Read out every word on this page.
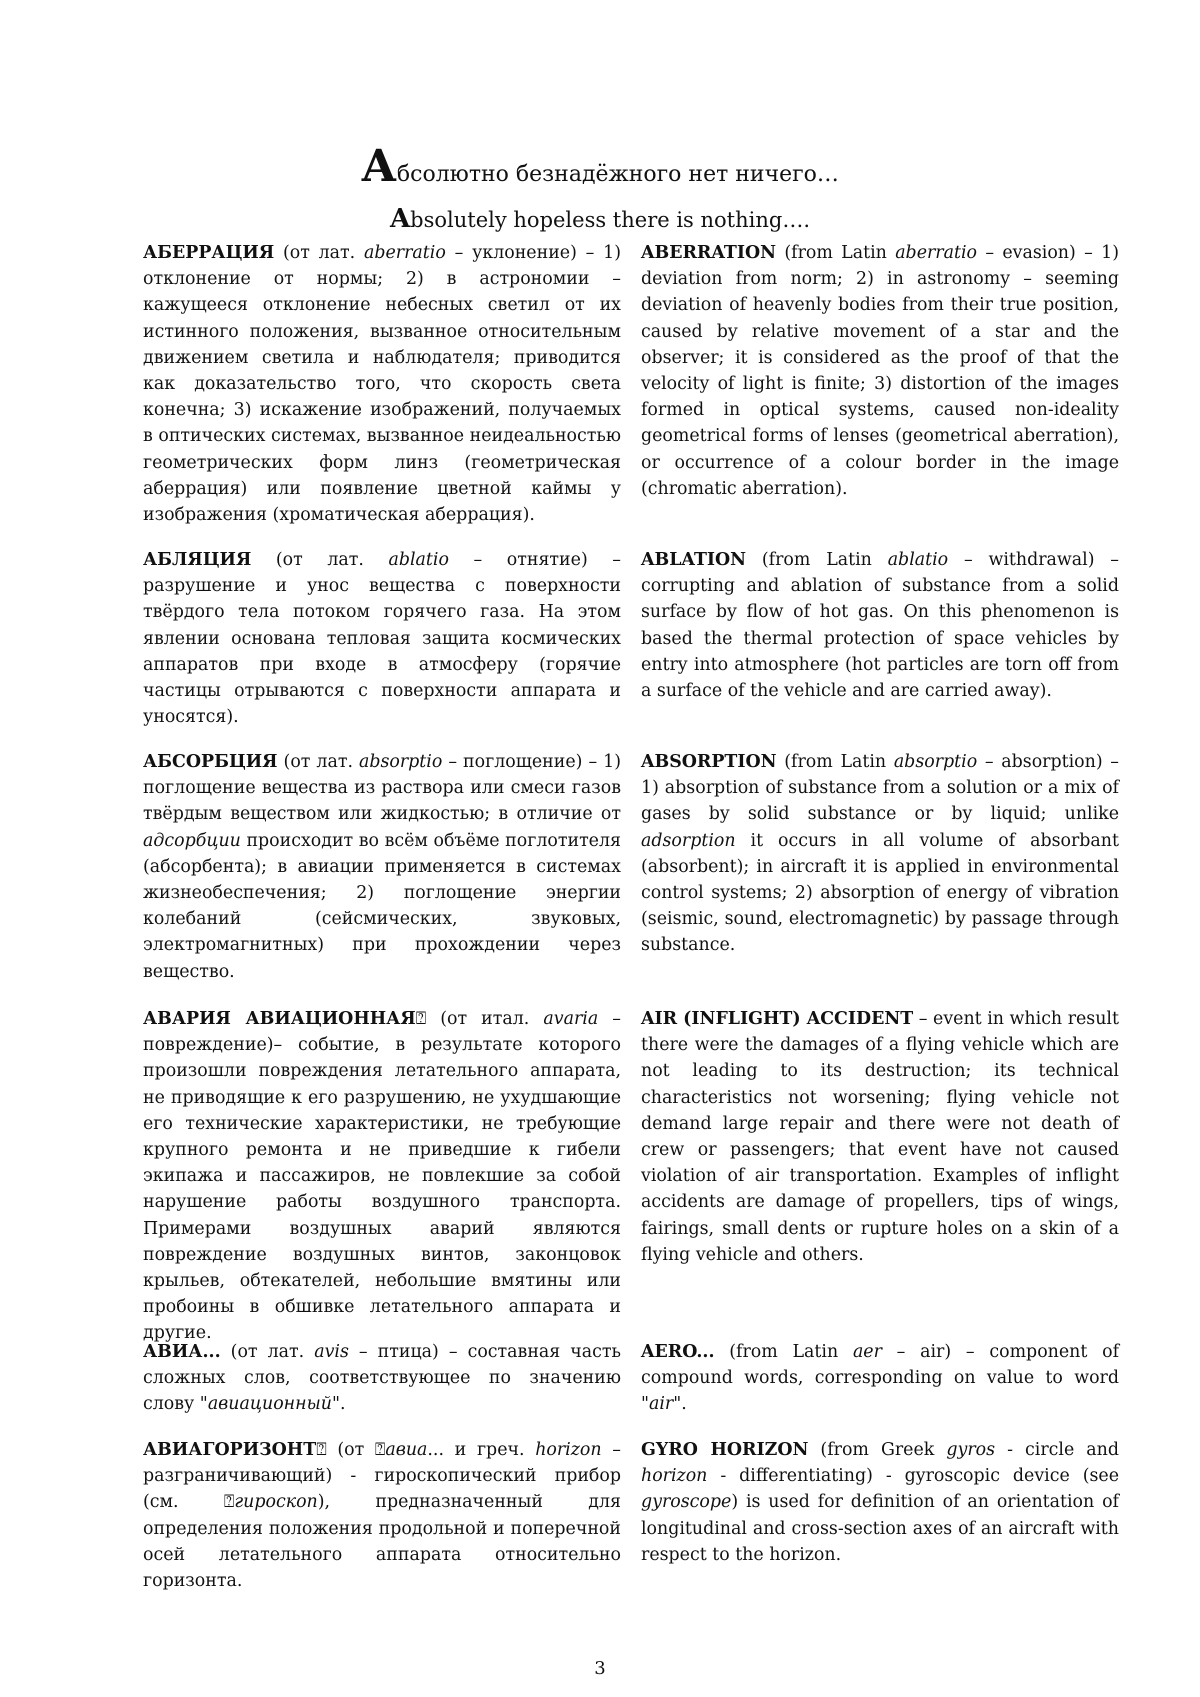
Абсолютно безнадёжного нет ничего…
Absolutely hopeless there is nothing….

АБЕРРАЦИЯ (от лат. aberratio – уклонение) – 1) отклонение от нормы; 2) в астрономии – кажущееся отклонение небесных светил от их истинного положения, вызванное относительным движением светила и наблюдателя; приводится как доказательство того, что скорость света конечна; 3) искажение изображений, получаемых в оптических системах, вызванное неидеальностью геометрических форм линз (геометрическая аберрация) или появление цветной каймы у изображения (хроматическая аберрация).

ABERRATION (from Latin aberratio – evasion) – 1) deviation from norm; 2) in astronomy – seeming deviation of heavenly bodies from their true position, caused by relative movement of a star and the observer; it is considered as the proof of that the velocity of light is finite; 3) distortion of the images formed in optical systems, caused non-ideality geometrical forms of lenses (geometrical aberration), or occurrence of a colour border in the image (chromatic aberration).

АБЛЯЦИЯ (от лат. ablatio – отнятие) – разрушение и унос вещества с поверхности твёрдого тела потоком горячего газа. На этом явлении основана тепловая защита космических аппаратов при входе в атмосферу (горячие частицы отрываются с поверхности аппарата и уносятся).

ABLATION (from Latin ablatio – withdrawal) – corrupting and ablation of substance from a solid surface by flow of hot gas. On this phenomenon is based the thermal protection of space vehicles by entry into atmosphere (hot particles are torn off from a surface of the vehicle and are carried away).

АБСОРБЦИЯ (от лат. absorptio – поглощение) – 1) поглощение вещества из раствора или смеси газов твёрдым веществом или жидкостью; в отличие от адсорбции происходит во всём объёме поглотителя (абсорбента); в авиации применяется в системах жизнеобеспечения; 2) поглощение энергии колебаний (сейсмических, звуковых, электромагнитных) при прохождении через вещество.

ABSORPTION (from Latin absorptio – absorption) – 1) absorption of substance from a solution or a mix of gases by solid substance or by liquid; unlike adsorption it occurs in all volume of absorbant (absorbent); in aircraft it is applied in environmental control systems; 2) absorption of energy of vibration (seismic, sound, electromagnetic) by passage through substance.

АВАРИЯ АВИАЦИОННАЯ⍰ (от итал. avaria – повреждение)– событие, в результате которого произошли повреждения летательного аппарата, не приводящие к его разрушению, не ухудшающие его технические характеристики, не требующие крупного ремонта и не приведшие к гибели экипажа и пассажиров, не повлекшие за собой нарушение работы воздушного транспорта. Примерами воздушных аварий являются повреждение воздушных винтов, законцовок крыльев, обтекателей, небольшие вмятины или пробоины в обшивке летательного аппарата и другие.

AIR (INFLIGHT) ACCIDENT – event in which result there were the damages of a flying vehicle which are not leading to its destruction; its technical characteristics not worsening; flying vehicle not demand large repair and there were not death of crew or passengers; that event have not caused violation of air transportation. Examples of inflight accidents are damage of propellers, tips of wings, fairings, small dents or rupture holes on a skin of a flying vehicle and others.

АВИА... (от лат. avis – птица) – составная часть сложных слов, соответствующее по значению слову "авиационный".

AERO... (from Latin aer – air) – component of compound words, corresponding on value to word "air".

АВИАГОРИЗОНТ⍰ (от ⍰авиа... и греч. horizon – разграничивающий) - гироскопический прибор (см. ⍰гироскоп), предназначенный для определения положения продольной и поперечной осей летательного аппарата относительно горизонта.

GYRO HORIZON (from Greek gyros - circle and horizon - differentiating) - gyroscopic device (see gyroscope) is used for definition of an orientation of longitudinal and cross-section axes of an aircraft with respect to the horizon.

3
